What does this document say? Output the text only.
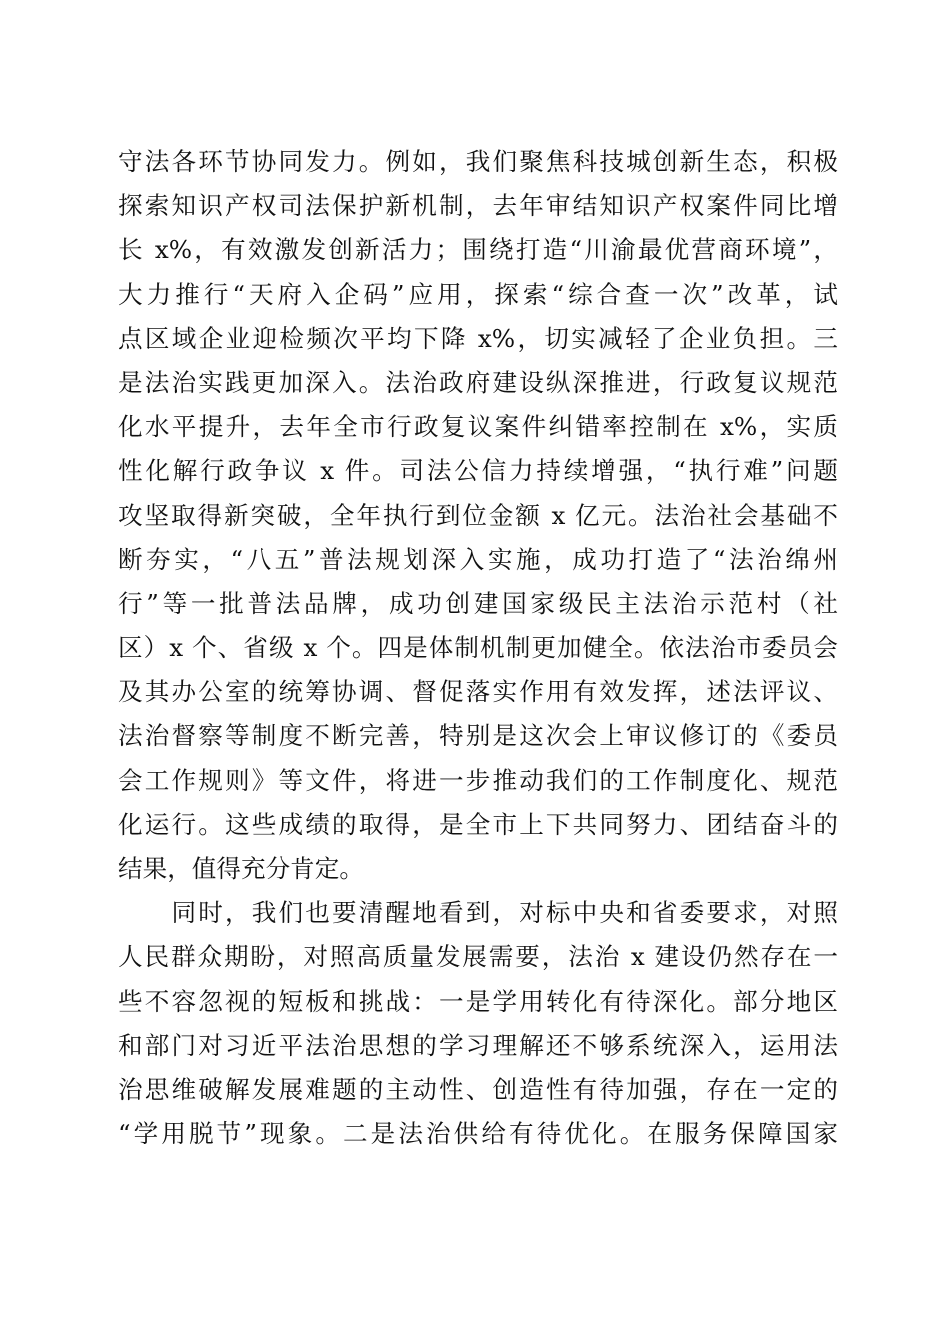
守法各环节协同发力。例如，我们聚焦科技城创新生态，积极
探索知识产权司法保护新机制，去年审结知识产权案件同比增
长 x%，有效激发创新活力；围绕打造“川渝最优营商环境”，
大力推行“天府入企码”应用，探索“综合查一次”改革，试
点区域企业迎检频次平均下降 x%，切实减轻了企业负担。三
是法治实践更加深入。法治政府建设纵深推进，行政复议规范
化水平提升，去年全市行政复议案件纠错率控制在 x%，实质
性化解行政争议 x 件。司法公信力持续增强，“执行难”问题
攻坚取得新突破，全年执行到位金额 x 亿元。法治社会基础不
断夯实，“八五”普法规划深入实施，成功打造了“法治绵州
行”等一批普法品牌，成功创建国家级民主法治示范村（社
区）x 个、省级 x 个。四是体制机制更加健全。依法治市委员会
及其办公室的统筹协调、督促落实作用有效发挥，述法评议、
法治督察等制度不断完善，特别是这次会上审议修订的《委员
会工作规则》等文件，将进一步推动我们的工作制度化、规范
化运行。这些成绩的取得，是全市上下共同努力、团结奋斗的
结果，值得充分肯定。
　　同时，我们也要清醒地看到，对标中央和省委要求，对照
人民群众期盼，对照高质量发展需要，法治 x 建设仍然存在一
些不容忽视的短板和挑战：一是学用转化有待深化。部分地区
和部门对习近平法治思想的学习理解还不够系统深入，运用法
治思维破解发展难题的主动性、创造性有待加强，存在一定的
“学用脱节”现象。二是法治供给有待优化。在服务保障国家
